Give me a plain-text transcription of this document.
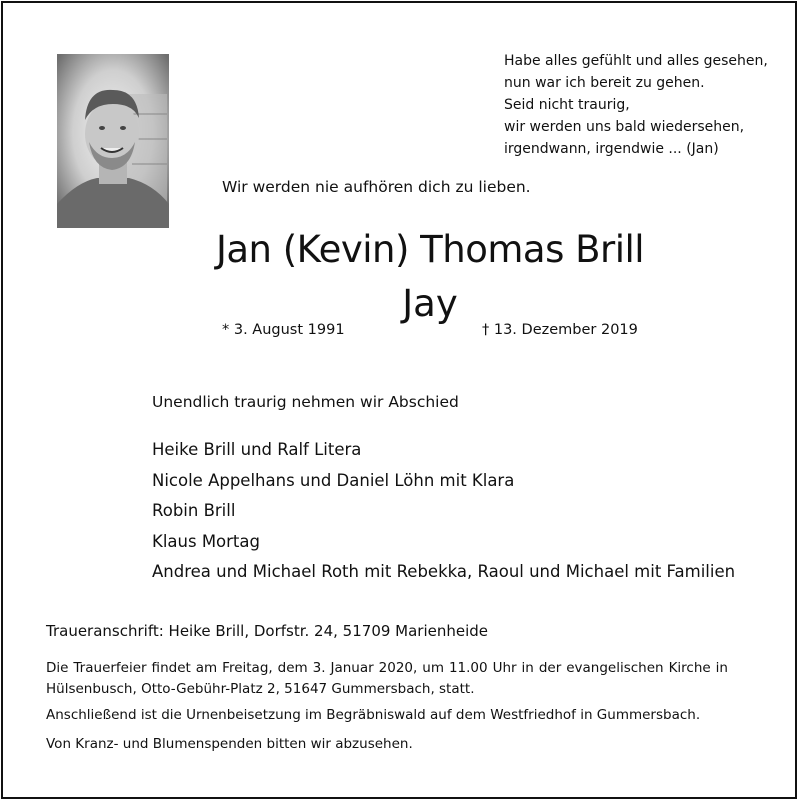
Habe alles gefühlt und alles gesehen,
nun war ich bereit zu gehen.
Seid nicht traurig,
wir werden uns bald wiedersehen,
irgendwann, irgendwie ... (Jan)
Wir werden nie aufhören dich zu lieben.
Jan (Kevin) Thomas Brill
Jay
* 3. August 1991	† 13. Dezember 2019
Unendlich traurig nehmen wir Abschied
Heike Brill und Ralf Litera
Nicole Appelhans und Daniel Löhn mit Klara
Robin Brill
Klaus Mortag
Andrea und Michael Roth mit Rebekka, Raoul und Michael mit Familien
Traueranschrift: Heike Brill, Dorfstr. 24, 51709 Marienheide
Die Trauerfeier findet am Freitag, dem 3. Januar 2020, um 11.00 Uhr in der evangelischen Kirche in Hülsenbusch, Otto-Gebühr-Platz 2, 51647 Gummersbach, statt.
Anschließend ist die Urnenbeisetzung im Begräbniswald auf dem Westfriedhof in Gummersbach.
Von Kranz- und Blumenspenden bitten wir abzusehen.
